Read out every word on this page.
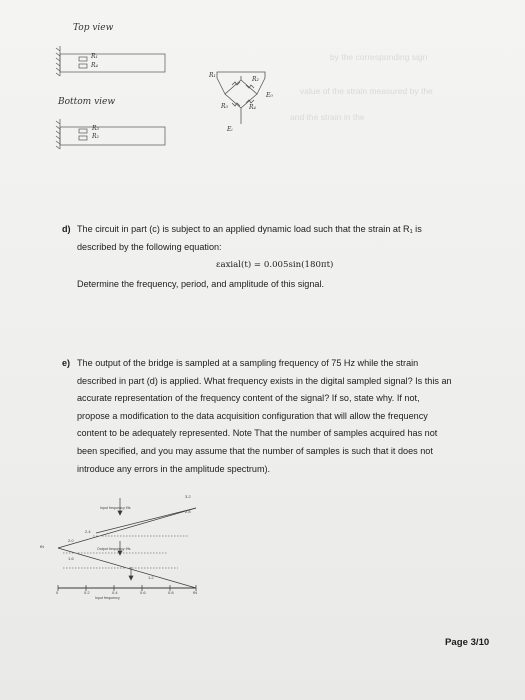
by the corresponding sign
value of the strain measured by the
and the strain in the
Top view
R₁
R₄
Bottom view
R₃
R₂
R₁
R₂
R₃	R₄
E₀
Eᵢ
d) The circuit in part (c) is subject to an applied dynamic load such that the strain at R₁ is
described by the following equation:
Determine the frequency, period, and amplitude of this signal.
εaxial(t) = 0.005sin(180πt)
e) The output of the bridge is sampled at a sampling frequency of 75 Hz while the strain
described in part (d) is applied. What frequency exists in the digital sampled signal? Is this an
accurate representation of the frequency content of the signal? If so, state why. If not,
propose a modification to the data acquisition configuration that will allow the frequency
content to be adequately represented. Note That the number of samples acquired has not
been specified, and you may assume that the number of samples is such that it does not
introduce any errors in the amplitude spectrum).
3.2
2.8
2.4
2.0
1.6
1.2
0	0.2	0.4	0.6	0.8	fN
fN
Input frequency f/fs
Output frequency f/fs
Input frequency
Page 3/10
